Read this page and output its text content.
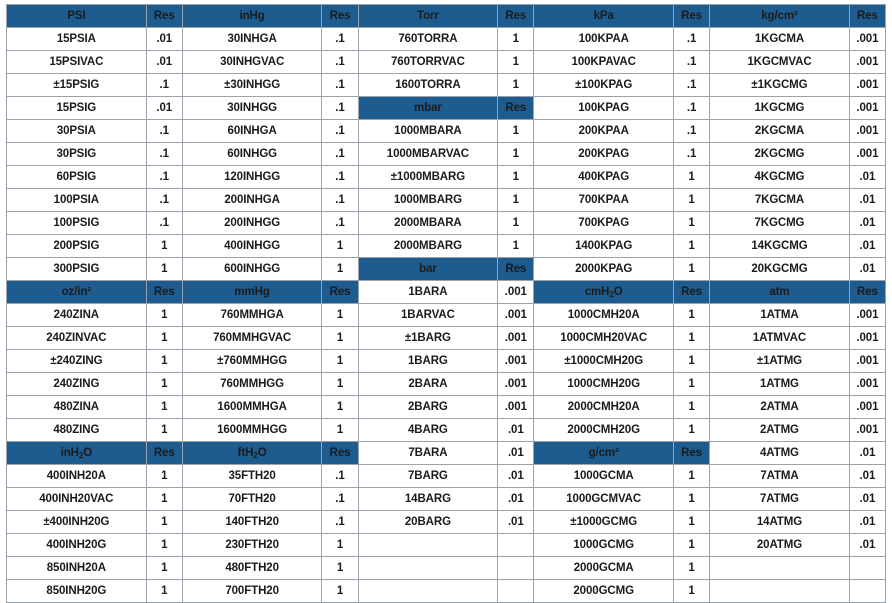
PSI	Res	inHg	Res	Torr	Res	kPa	Res	kg/cm²	Res
15PSIA	.01	30INHGA	.1	760TORRA	1	100KPAA	.1	1KGCMA	.001
15PSIVAC	.01	30INHGVAC	.1	760TORRVAC	1	100KPAVAC	.1	1KGCMVAC	.001
±15PSIG	.1	±30INHGG	.1	1600TORRA	1	±100KPAG	.1	±1KGCMG	.001
15PSIG	.01	30INHGG	.1	mbar	Res	100KPAG	.1	1KGCMG	.001
30PSIA	.1	60INHGA	.1	1000MBARA	1	200KPAA	.1	2KGCMA	.001
30PSIG	.1	60INHGG	.1	1000MBARVAC	1	200KPAG	.1	2KGCMG	.001
60PSIG	.1	120INHGG	.1	±1000MBARG	1	400KPAG	1	4KGCMG	.01
100PSIA	.1	200INHGA	.1	1000MBARG	1	700KPAA	1	7KGCMA	.01
100PSIG	.1	200INHGG	.1	2000MBARA	1	700KPAG	1	7KGCMG	.01
200PSIG	1	400INHGG	1	2000MBARG	1	1400KPAG	1	14KGCMG	.01
300PSIG	1	600INHGG	1	bar	Res	2000KPAG	1	20KGCMG	.01
oz/in²	Res	mmHg	Res	1BARA	.001	cmH$_2$O	Res	atm	Res
240ZINA	1	760MMHGA	1	1BARVAC	.001	1000CMH20A	1	1ATMA	.001
240ZINVAC	1	760MMHGVAC	1	±1BARG	.001	1000CMH20VAC	1	1ATMVAC	.001
±240ZING	1	±760MMHGG	1	1BARG	.001	±1000CMH20G	1	±1ATMG	.001
240ZING	1	760MMHGG	1	2BARA	.001	1000CMH20G	1	1ATMG	.001
480ZINA	1	1600MMHGA	1	2BARG	.001	2000CMH20A	1	2ATMA	.001
480ZING	1	1600MMHGG	1	4BARG	.01	2000CMH20G	1	2ATMG	.001
inH$_2$O	Res	ftH$_2$O	Res	7BARA	.01	g/cm²	Res	4ATMG	.01
400INH20A	1	35FTH20	.1	7BARG	.01	1000GCMA	1	7ATMA	.01
400INH20VAC	1	70FTH20	.1	14BARG	.01	1000GCMVAC	1	7ATMG	.01
±400INH20G	1	140FTH20	.1	20BARG	.01	±1000GCMG	1	14ATMG	.01
400INH20G	1	230FTH20	1			1000GCMG	1	20ATMG	.01
850INH20A	1	480FTH20	1			2000GCMA	1		
850INH20G	1	700FTH20	1			2000GCMG	1		
